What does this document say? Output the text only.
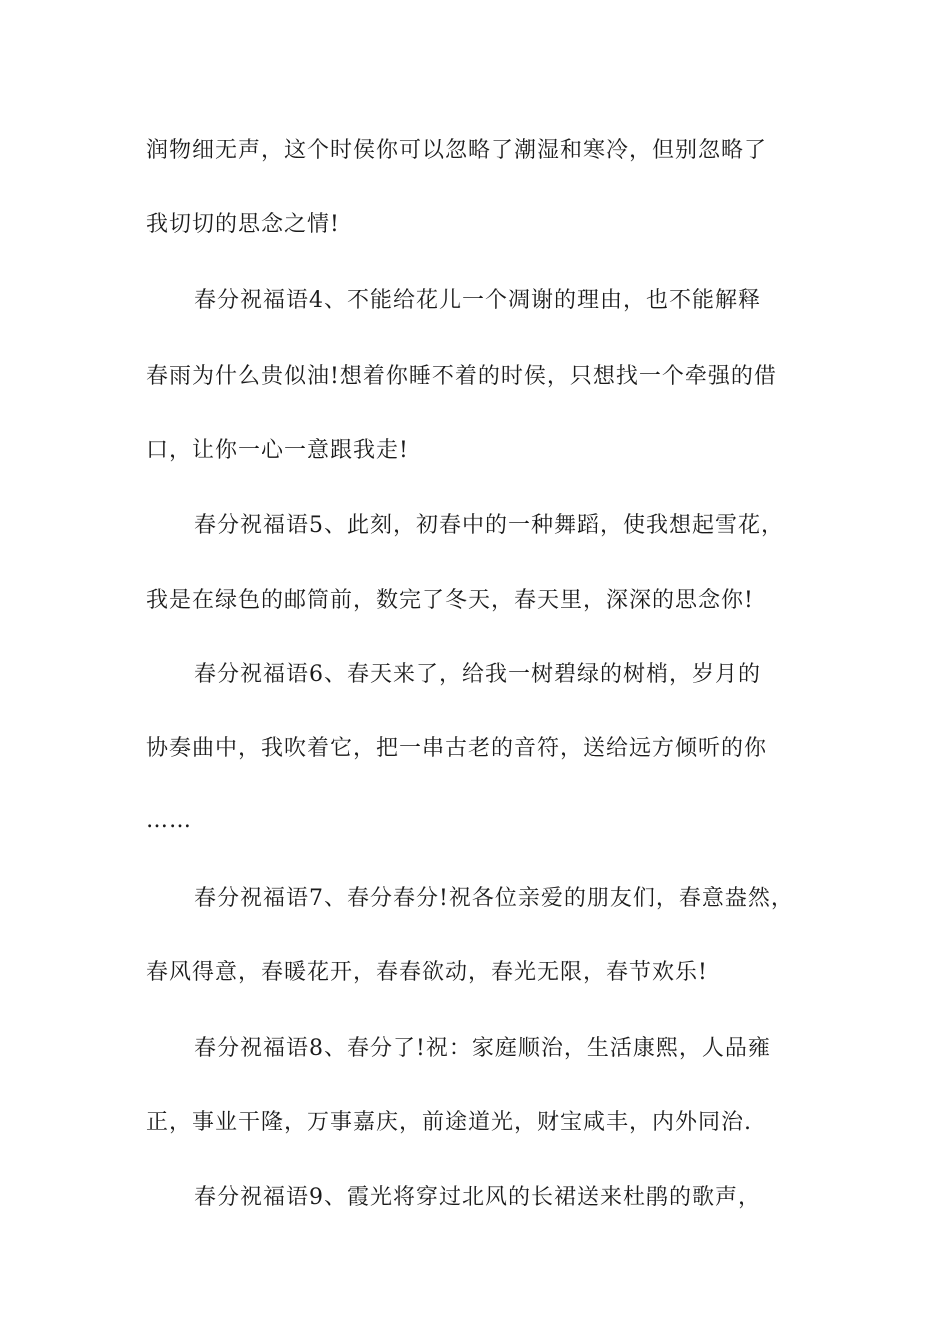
润物细无声，这个时侯你可以忽略了潮湿和寒冷，但别忽略了
我切切的思念之情!
春分祝福语4、不能给花儿一个凋谢的理由，也不能解释
春雨为什么贵似油!想着你睡不着的时侯，只想找一个牵强的借
口，让你一心一意跟我走!
春分祝福语5、此刻，初春中的一种舞蹈，使我想起雪花，
我是在绿色的邮筒前，数完了冬天，春天里，深深的思念你!
春分祝福语6、春天来了，给我一树碧绿的树梢，岁月的
协奏曲中，我吹着它，把一串古老的音符，送给远方倾听的你
……
春分祝福语7、春分春分!祝各位亲爱的朋友们，春意盎然，
春风得意，春暖花开，春春欲动，春光无限，春节欢乐!
春分祝福语8、春分了!祝：家庭顺治，生活康熙，人品雍
正，事业干隆，万事嘉庆，前途道光，财宝咸丰，内外同治.
春分祝福语9、霞光将穿过北风的长裙送来杜鹃的歌声，
